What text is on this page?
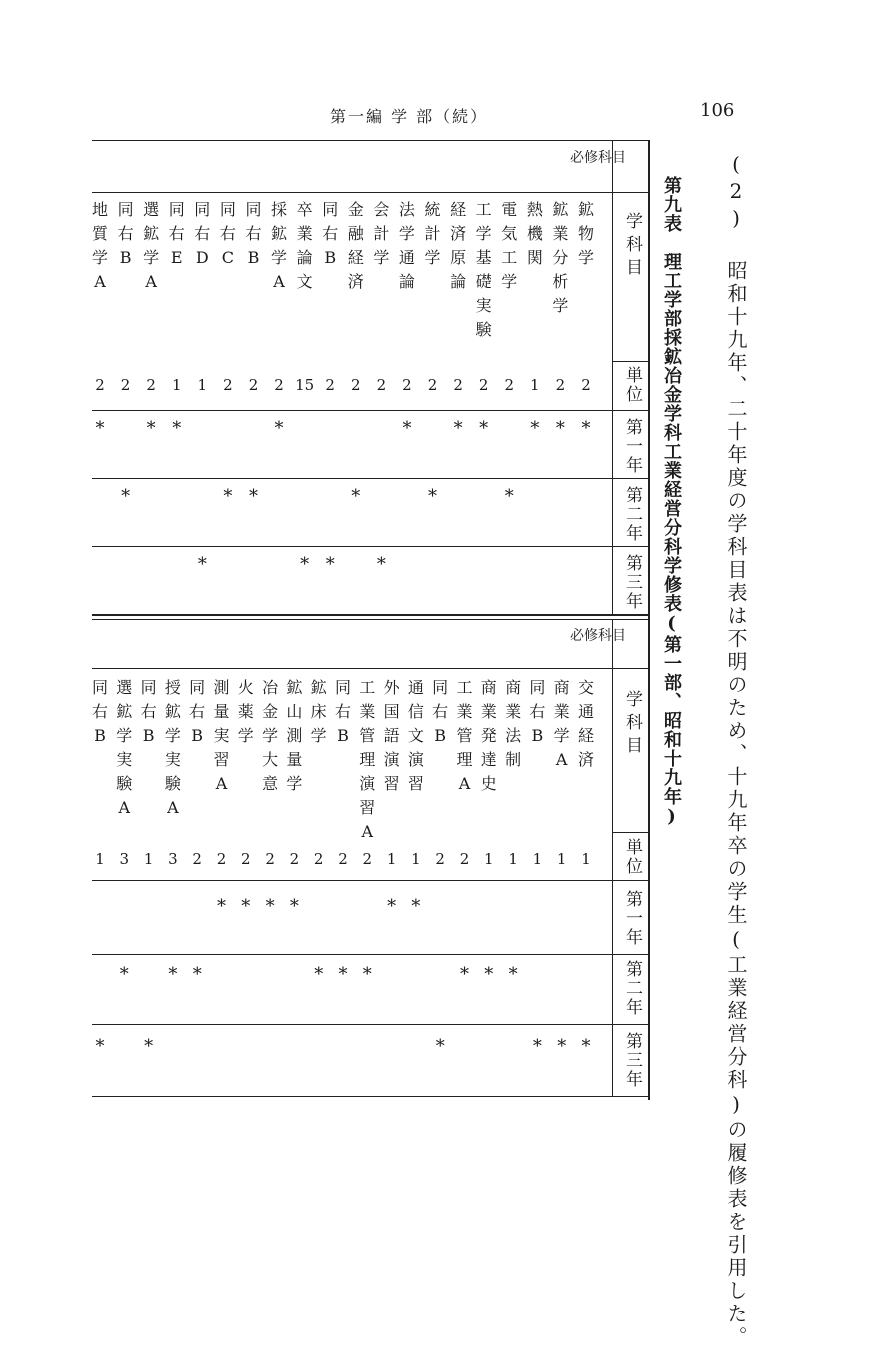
第一編 学 部（続）	106
(2) 昭和十九年、二十年度の学科目表は不明のため、十九年卒の学生(工業経営分科)の履修表を引用した。
第九表　理工学部採鉱冶金学科工業経営分科学修表(第一部、昭和十九年)
必修科目
学科目
単位
第一年
第二年
第三年
鉱
物
学
2
*
鉱
業
分
析
学
2
*
熱
機
関
1
*
電
気
工
学
2
*
工
学
基
礎
実
験
2
*
経
済
原
論
2
*
統
計
学
2
*
法
学
通
論
2
*
会
計
学
2
*
金
融
経
済
2
*
同
右
B
2
*
卒
業
論
文
15
*
採
鉱
学
A
2
*
同
右
B
2
*
同
右
C
2
*
同
右
D
1
*
同
右
E
1
*
選
鉱
学
A
2
*
同
右
B
2
*
地
質
学
A
2
*
必修科目
学科目
単位
第一年
第二年
第三年
交
通
経
済
1
*
商
業
学
A
1
*
同
右
B
1
*
商
業
法
制
1
*
商
業
発
達
史
1
*
工
業
管
理
A
2
*
同
右
B
2
*
通
信
文
演
習
1
*
外
国
語
演
習
1
*
工
業
管
理
演
習
A
2
*
同
右
B
2
*
鉱
床
学
2
*
鉱
山
測
量
学
2
*
冶
金
学
大
意
2
*
火
薬
学
2
*
測
量
実
習
A
2
*
同
右
B
2
*
授
鉱
学
実
験
A
3
*
同
右
B
1
*
選
鉱
学
実
験
A
3
*
同
右
B
1
*
